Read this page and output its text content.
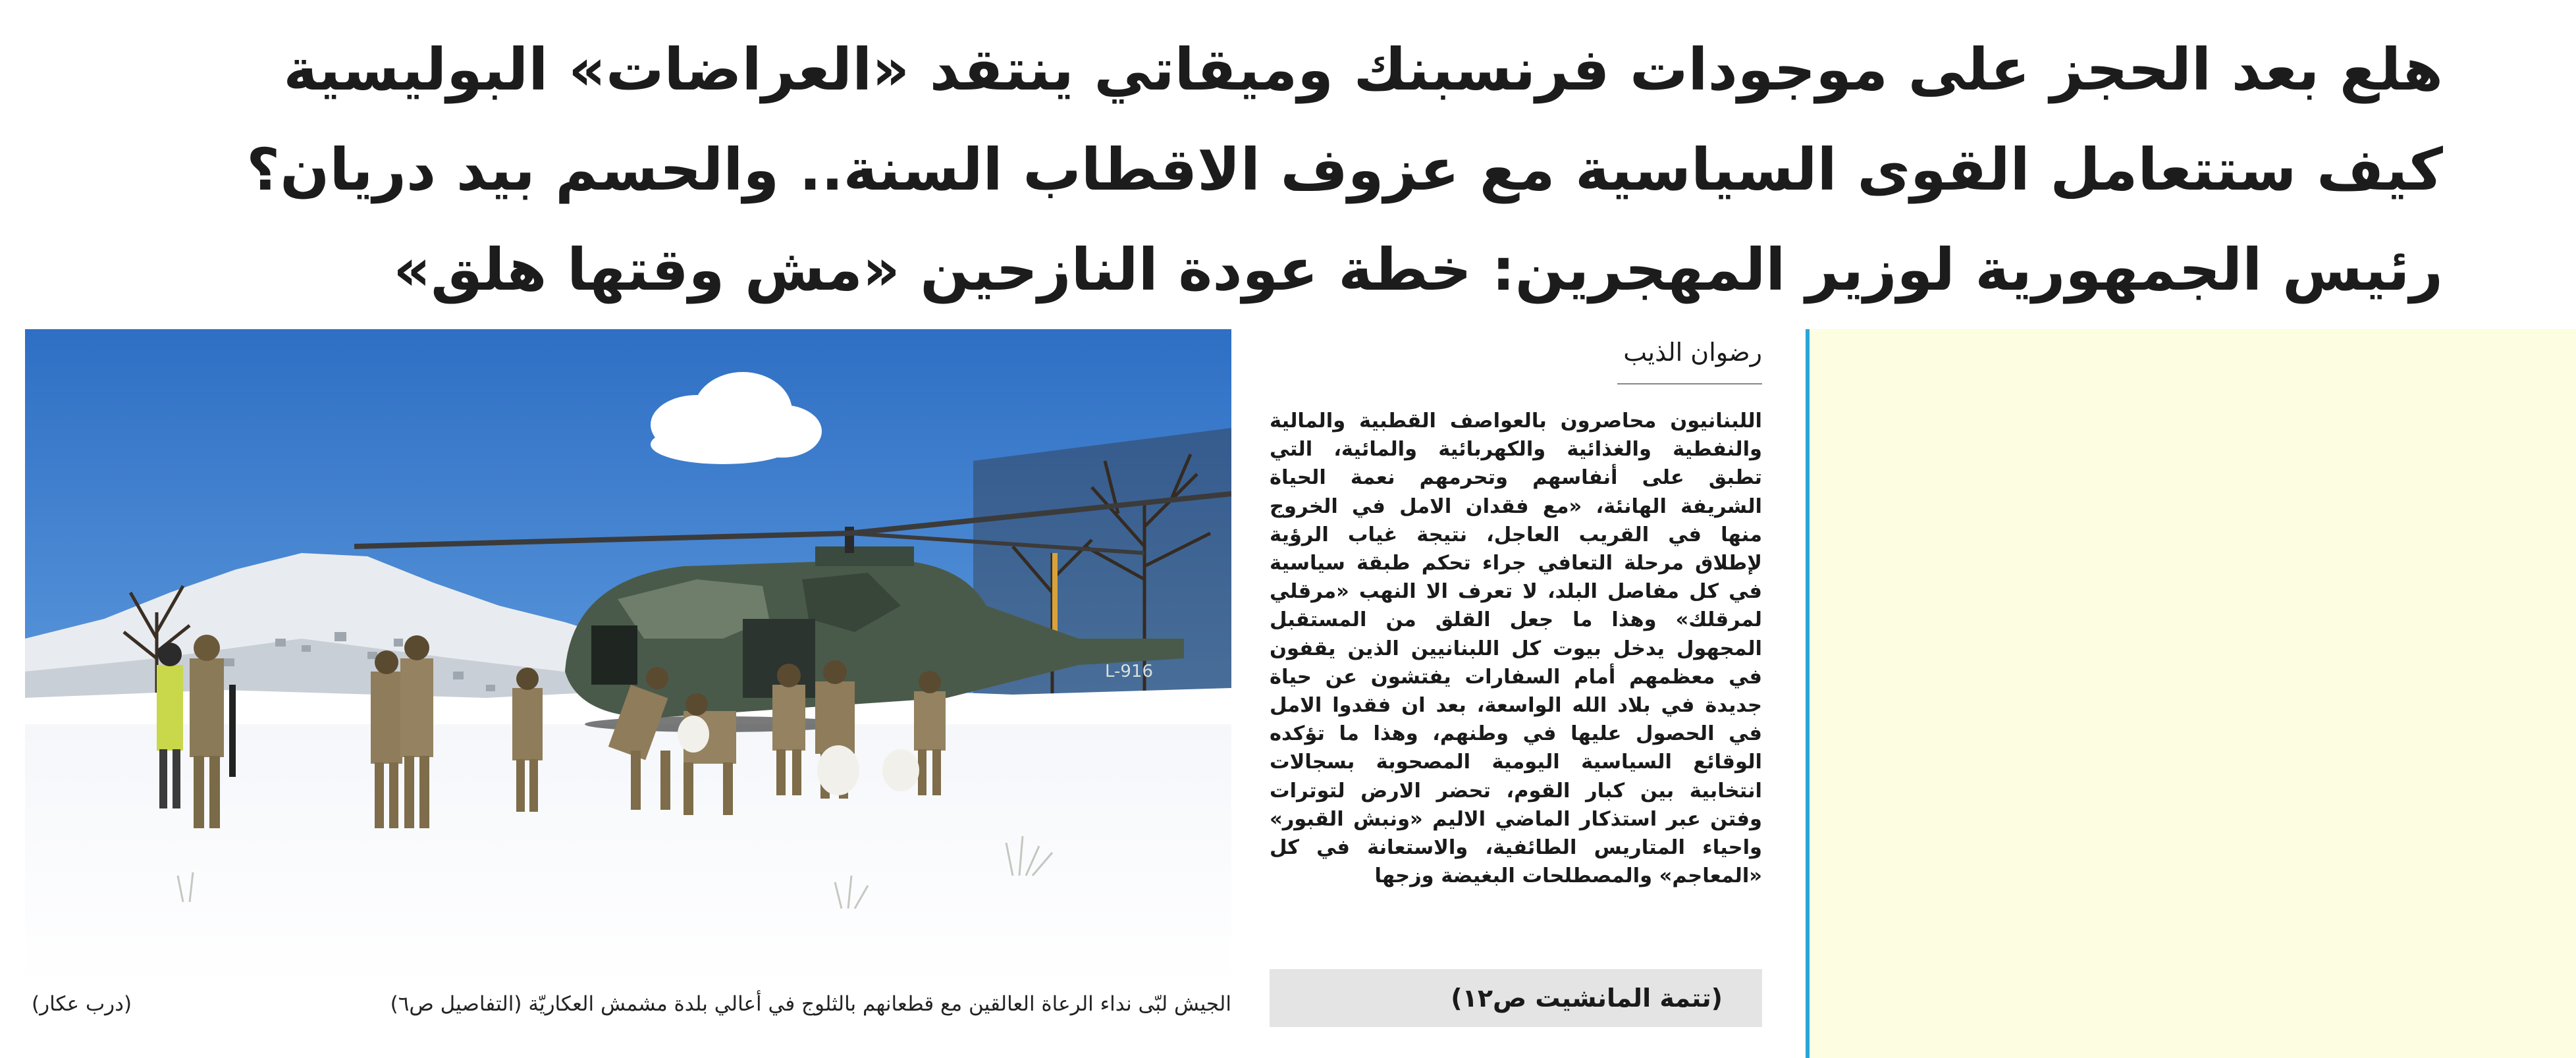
هلع بعد الحجز على موجودات فرنسبنك وميقاتي ينتقد «العراضات» البوليسية
كيف ستتعامل القوى السياسية مع عزوف الاقطاب السنة.. والحسم بيد دريان؟
رئيس الجمهورية لوزير المهجرين: خطة عودة النازحين «مش وقتها هلق»
L-916
الجيش لبّى نداء الرعاة العالقين مع قطعانهم بالثلوج في أعالي بلدة مشمش العكاريّة (التفاصيل ص٦)
(درب عكار)
رضوان الذيب
اللبنانيون محاصرون بالعواصف القطبية والمالية والنفطية والغذائية والكهربائية والمائية، التي تطبق على أنفاسهم وتحرمهم نعمة الحياة الشريفة الهانئة، «مع فقدان الامل في الخروج منها في القريب العاجل، نتيجة غياب الرؤية لإطلاق مرحلة التعافي جراء تحكم طبقة سياسية في كل مفاصل البلد، لا تعرف الا النهب «مرقلي لمرقلك» وهذا ما جعل القلق من المستقبل المجهول يدخل بيوت كل اللبنانيين الذين يقفون في معظمهم أمام السفارات يفتشون عن حياة جديدة في بلاد الله الواسعة، بعد ان فقدوا الامل في الحصول عليها في وطنهم، وهذا ما تؤكده الوقائع السياسية اليومية المصحوبة بسجالات انتخابية بين كبار القوم، تحضر الارض لتوترات وفتن عبر استذكار الماضي الاليم «ونبش القبور» واحياء المتاريس الطائفية، والاستعانة في كل «المعاجم» والمصطلحات البغيضة وزجها
(تتمة المانشيت ص١٢)
